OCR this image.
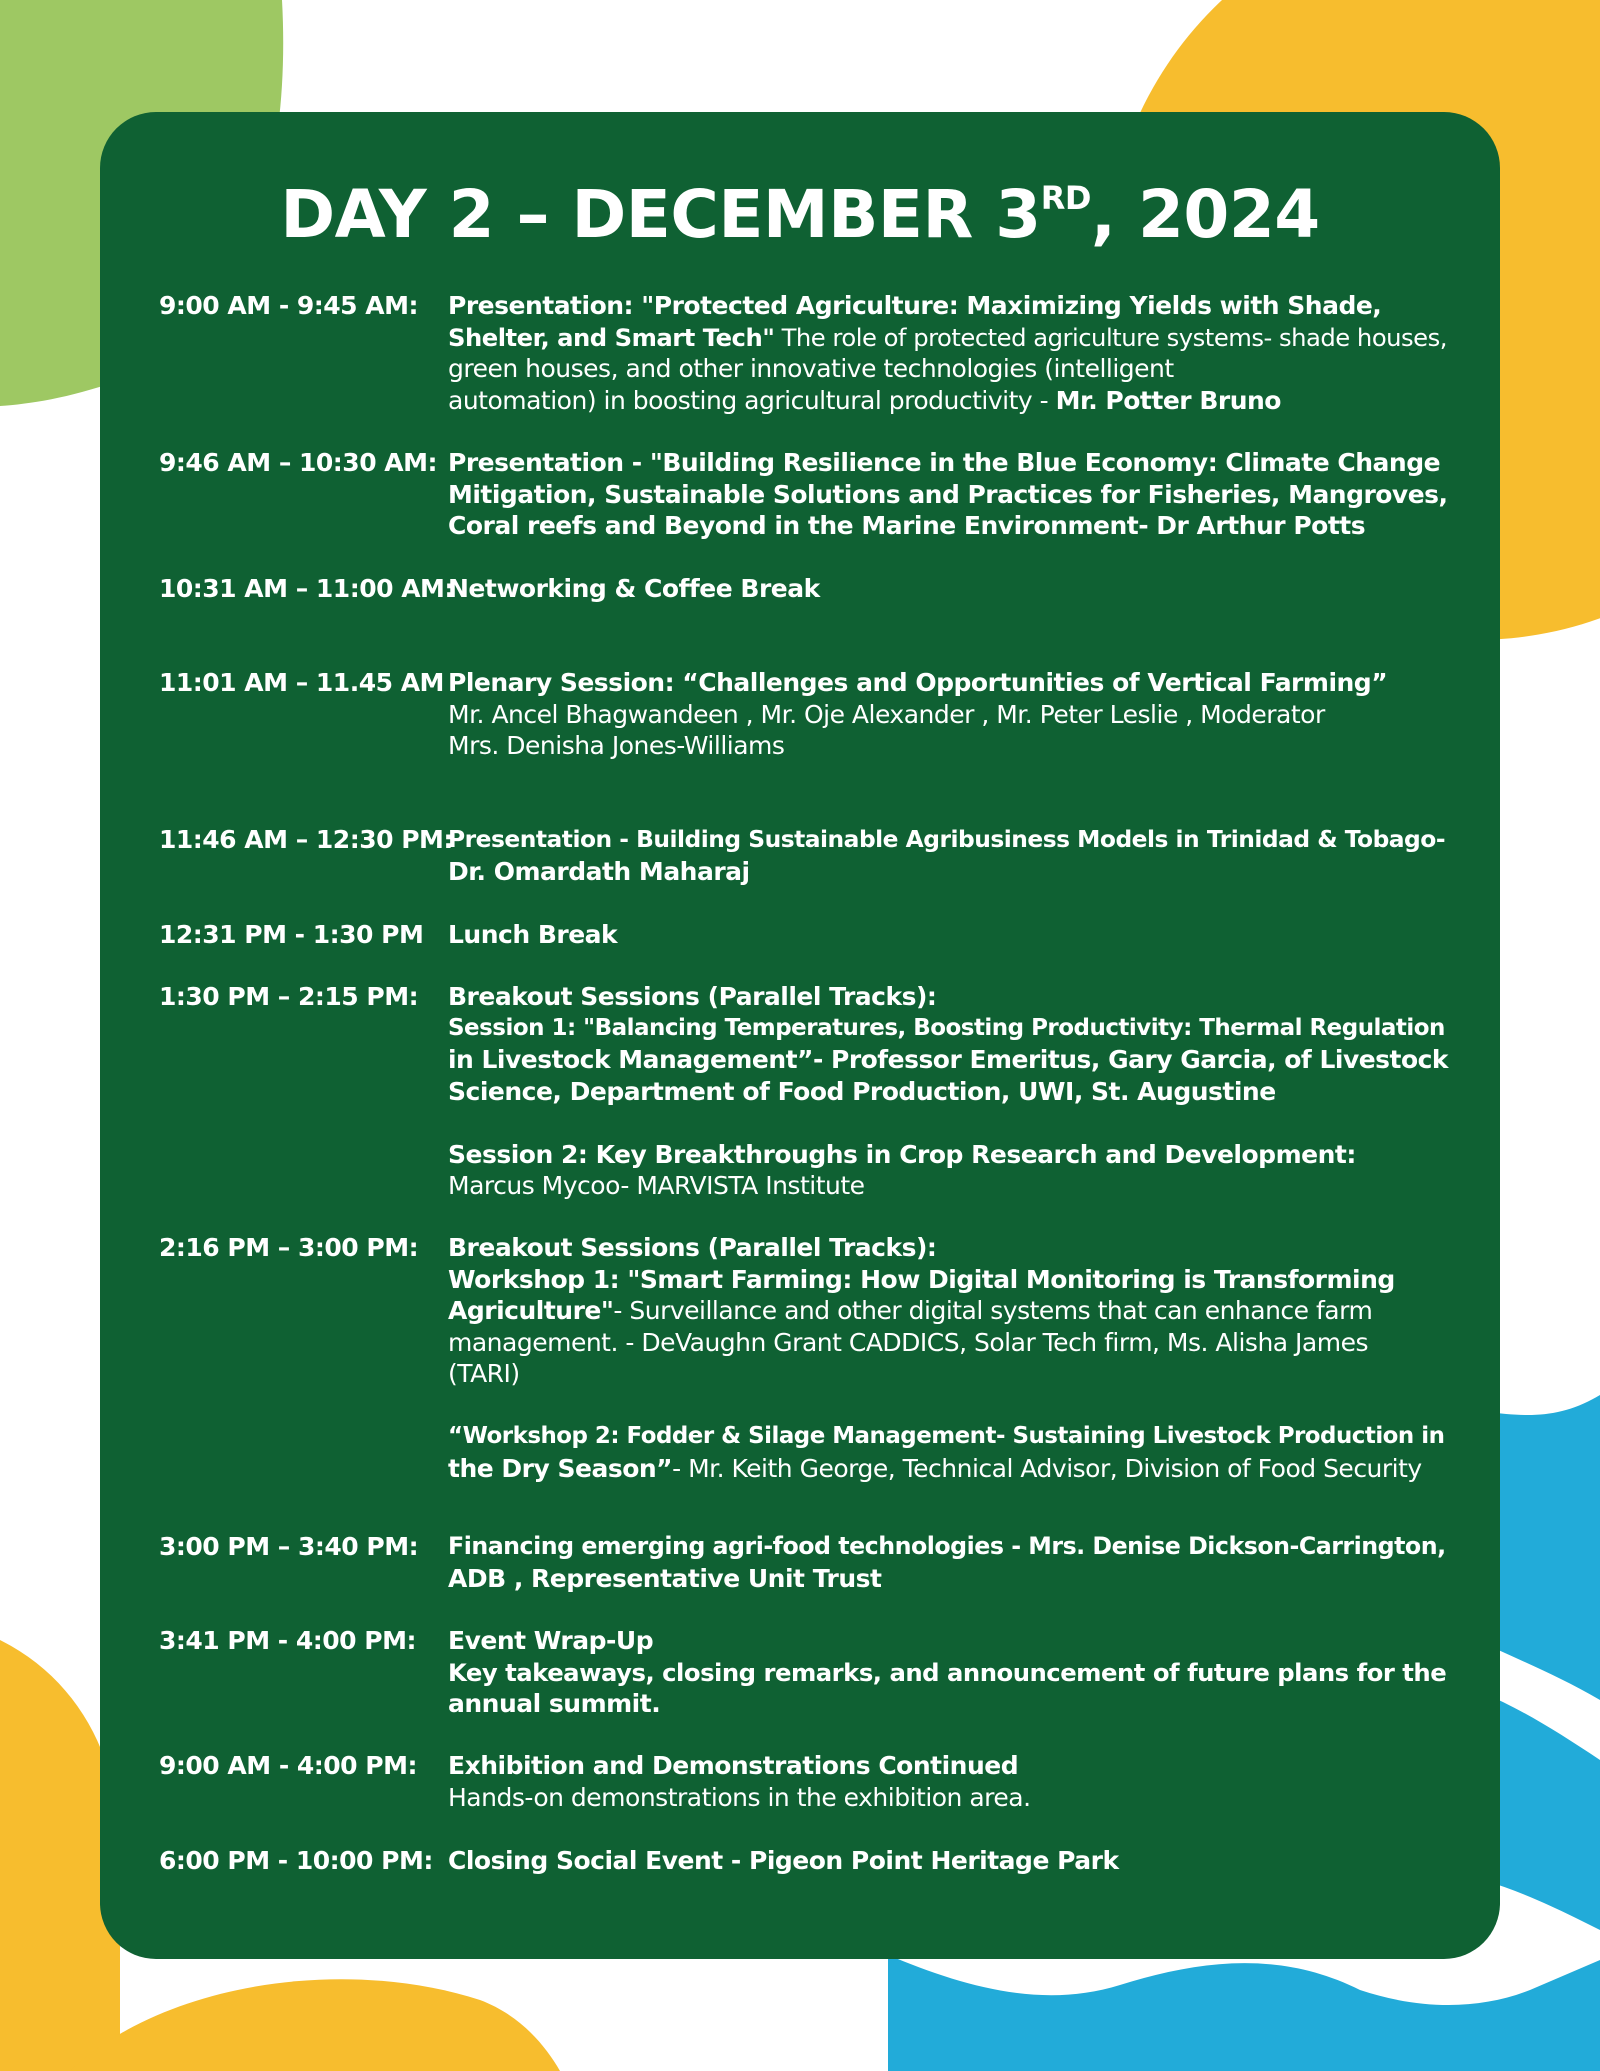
DAY 2 – DECEMBER 3RD, 2024
9:00 AM - 9:45 AM:	Presentation: "Protected Agriculture: Maximizing Yields with Shade,
Shelter, and Smart Tech" The role of protected agriculture systems- shade houses,
green houses, and other innovative technologies (intelligent
automation) in boosting agricultural productivity - Mr. Potter Bruno
9:46 AM – 10:30 AM: Presentation - "Building Resilience in the Blue Economy: Climate Change
Mitigation, Sustainable Solutions and Practices for Fisheries, Mangroves,
Coral reefs and Beyond in the Marine Environment- Dr Arthur Potts
10:31 AM – 11:00 AM:
Networking & Coffee Break
11:01 AM – 11.45 AM Plenary Session: “Challenges and Opportunities of Vertical Farming”
Mr. Ancel Bhagwandeen , Mr. Oje Alexander , Mr. Peter Leslie , Moderator
Mrs. Denisha Jones-Williams
11:46 AM – 12:30 PM:
Presentation - Building Sustainable Agribusiness Models in Trinidad & Tobago-
Dr. Omardath Maharaj
12:31 PM - 1:30 PM Lunch Break
1:30 PM – 2:15 PM:	Breakout Sessions (Parallel Tracks):
Session 1: "Balancing Temperatures, Boosting Productivity: Thermal Regulation
in Livestock Management”- Professor Emeritus, Gary Garcia, of Livestock
Science, Department of Food Production, UWI, St. Augustine
Session 2: Key Breakthroughs in Crop Research and Development:
Marcus Mycoo- MARVISTA Institute
2:16 PM – 3:00 PM:	Breakout Sessions (Parallel Tracks):
Workshop 1: "Smart Farming: How Digital Monitoring is Transforming
Agriculture"- Surveillance and other digital systems that can enhance farm
management. - DeVaughn Grant CADDICS, Solar Tech firm, Ms. Alisha James
(TARI)
“Workshop 2: Fodder & Silage Management- Sustaining Livestock Production in
the Dry Season”- Mr. Keith George, Technical Advisor, Division of Food Security
3:00 PM – 3:40 PM:	Financing emerging agri-food technologies - Mrs. Denise Dickson-Carrington,
ADB , Representative Unit Trust
3:41 PM - 4:00 PM:	Event Wrap-Up
Key takeaways, closing remarks, and announcement of future plans for the
annual summit.
9:00 AM - 4:00 PM:	Exhibition and Demonstrations Continued
Hands-on demonstrations in the exhibition area.
6:00 PM - 10:00 PM: Closing Social Event - Pigeon Point Heritage Park
